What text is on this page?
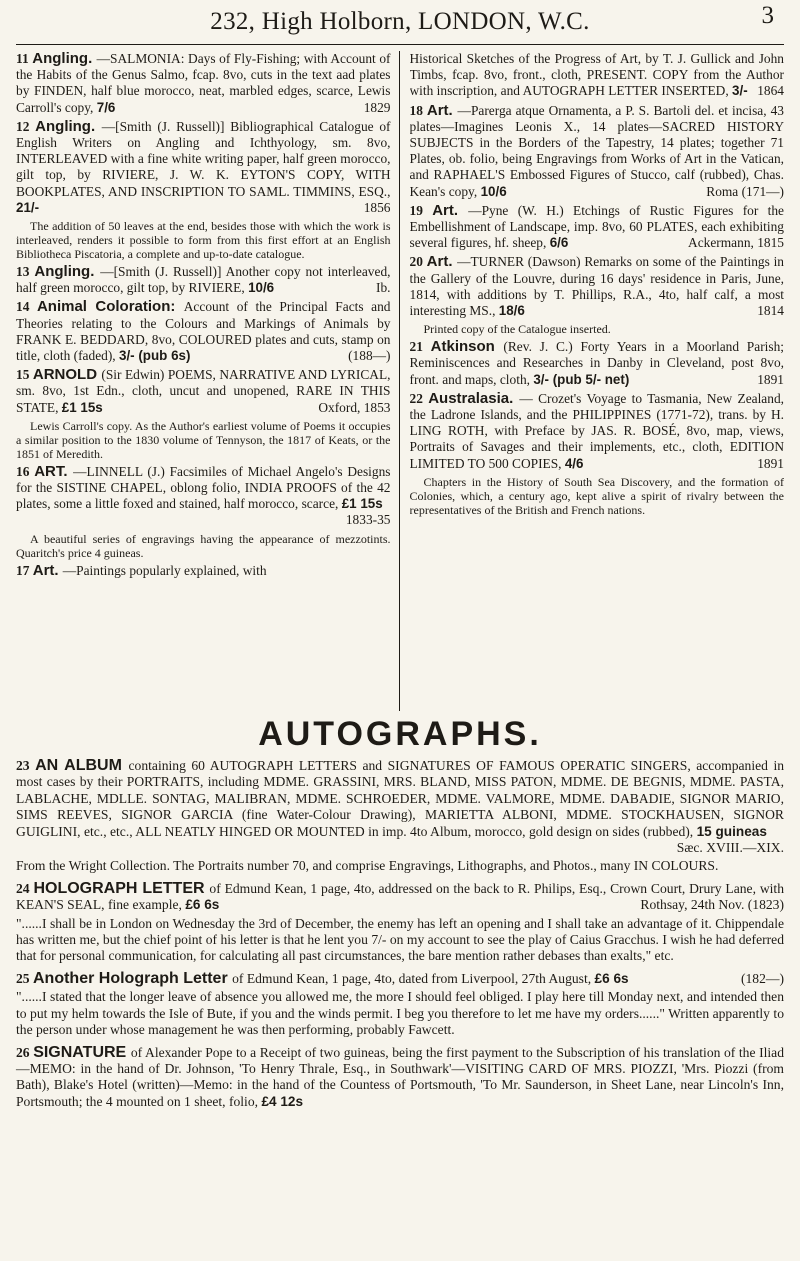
232, High Holborn, LONDON, W.C.	3
11 Angling. —SALMONIA: Days of Fly-Fishing; with Account of the Habits of the Genus Salmo, fcap. 8vo, cuts in the text aad plates by FINDEN, half blue morocco, neat, marbled edges, scarce, Lewis Carroll's copy, 7/6	1829
12 Angling. —[Smith (J. Russell)] Bibliographical Catalogue of English Writers on Angling and Ichthyology, sm. 8vo, INTERLEAVED with a fine white writing paper, half green morocco, gilt top, by RIVIERE, J. W. K. EYTON'S COPY, WITH BOOKPLATES, AND INSCRIPTION TO SAML. TIMMINS, ESQ., 21/-	1856
The addition of 50 leaves at the end, besides those with which the work is interleaved, renders it possible to form from this first effort at an English Bibliotheca Piscatoria, a complete and up-to-date catalogue.
13 Angling. —[Smith (J. Russell)] Another copy not interleaved, half green morocco, gilt top, by RIVIERE, 10/6	Ib.
14 Animal Coloration: Account of the Principal Facts and Theories relating to the Colours and Markings of Animals by FRANK E. BEDDARD, 8vo, COLOURED plates and cuts, stamp on title, cloth (faded), 3/- (pub 6s)	(188—)
15 ARNOLD (Sir Edwin) POEMS, NARRATIVE AND LYRICAL, sm. 8vo, 1st Edn., cloth, uncut and unopened, RARE IN THIS STATE, £1 15s	Oxford, 1853
Lewis Carroll's copy. As the Author's earliest volume of Poems it occupies a similar position to the 1830 volume of Tennyson, the 1817 of Keats, or the 1851 of Meredith.
16 ART. —LINNELL (J.) Facsimiles of Michael Angelo's Designs for the SISTINE CHAPEL, oblong folio, INDIA PROOFS of the 42 plates, some a little foxed and stained, half morocco, scarce, £1 15s
1833-35
A beautiful series of engravings having the appearance of mezzotints. Quaritch's price 4 guineas.
17 Art. —Paintings popularly explained, with
Historical Sketches of the Progress of Art, by T. J. Gullick and John Timbs, fcap. 8vo, front., cloth, PRESENT. COPY from the Author with inscription, and AUTOGRAPH LETTER INSERTED, 3/- 1864
18 Art. —Parerga atque Ornamenta, a P. S. Bartoli del. et incisa, 43 plates—Imagines Leonis X., 14 plates—SACRED HISTORY SUBJECTS in the Borders of the Tapestry, 14 plates; together 71 Plates, ob. folio, being Engravings from Works of Art in the Vatican, and RAPHAEL'S Embossed Figures of Stucco, calf (rubbed), Chas. Kean's copy, 10/6	Roma (171—)
19 Art. —Pyne (W. H.) Etchings of Rustic Figures for the Embellishment of Landscape, imp. 8vo, 60 PLATES, each exhibiting several figures, hf. sheep, 6/6	Ackermann, 1815
20 Art. —TURNER (Dawson) Remarks on some of the Paintings in the Gallery of the Louvre, during 16 days' residence in Paris, June, 1814, with additions by T. Phillips, R.A., 4to, half calf, a most interesting MS., 18/6	1814
Printed copy of the Catalogue inserted.
21 Atkinson (Rev. J. C.) Forty Years in a Moorland Parish; Reminiscences and Researches in Danby in Cleveland, post 8vo, front. and maps, cloth, 3/- (pub 5/- net)	1891
22 Australasia. — Crozet's Voyage to Tasmania, New Zealand, the Ladrone Islands, and the PHILIPPINES (1771-72), trans. by H. LING ROTH, with Preface by JAS. R. BOSÉ, 8vo, map, views, Portraits of Savages and their implements, etc., cloth, EDITION LIMITED TO 500 COPIES, 4/6	1891
Chapters in the History of South Sea Discovery, and the formation of Colonies, which, a century ago, kept alive a spirit of rivalry between the representatives of the British and French nations.
AUTOGRAPHS.
23 AN ALBUM containing 60 AUTOGRAPH LETTERS and SIGNATURES OF FAMOUS OPERATIC SINGERS, accompanied in most cases by their PORTRAITS, including MDME. GRASSINI, MRS. BLAND, MISS PATON, MDME. DE BEGNIS, MDME. PASTA, LABLACHE, MDLLE. SONTAG, MALIBRAN, MDME. SCHROEDER, MDME. VALMORE, MDME. DABADIE, SIGNOR MARIO, SIMS REEVES, SIGNOR GARCIA (fine Water-Colour Drawing), MARIETTA ALBONI, MDME. STOCKHAUSEN, SIGNOR GUIGLINI, etc., etc., ALL NEATLY HINGED OR MOUNTED in imp. 4to Album, morocco, gold design on sides (rubbed), 15 guineas
Sæc. XVIII.—XIX.
From the Wright Collection. The Portraits number 70, and comprise Engravings, Lithographs, and Photos., many IN COLOURS.
24 HOLOGRAPH LETTER of Edmund Kean, 1 page, 4to, addressed on the back to R. Philips, Esq., Crown Court, Drury Lane, with KEAN'S SEAL, fine example, £6 6s	Rothsay, 24th Nov. (1823)
"......I shall be in London on Wednesday the 3rd of December, the enemy has left an opening and I shall take an advantage of it. Chippendale has written me, but the chief point of his letter is that he lent you 7/- on my account to see the play of Caius Gracchus. I wish he had deferred that for personal communication, for calculating all past circumstances, the bare mention rather debases than exalts," etc.
25 Another Holograph Letter of Edmund Kean, 1 page, 4to, dated from Liverpool, 27th August, £6 6s	(182—)
"......I stated that the longer leave of absence you allowed me, the more I should feel obliged. I play here till Monday next, and intended then to put my helm towards the Isle of Bute, if you and the winds permit. I beg you therefore to let me have my orders......" Written apparently to the person under whose management he was then performing, probably Fawcett.
26 SIGNATURE of Alexander Pope to a Receipt of two guineas, being the first payment to the Subscription of his translation of the Iliad—MEMO: in the hand of Dr. Johnson, 'To Henry Thrale, Esq., in Southwark'—VISITING CARD OF MRS. PIOZZI, 'Mrs. Piozzi (from Bath), Blake's Hotel (written)—Memo: in the hand of the Countess of Portsmouth, 'To Mr. Saunderson, in Sheet Lane, near Lincoln's Inn, Portsmouth; the 4 mounted on 1 sheet, folio, £4 12s
